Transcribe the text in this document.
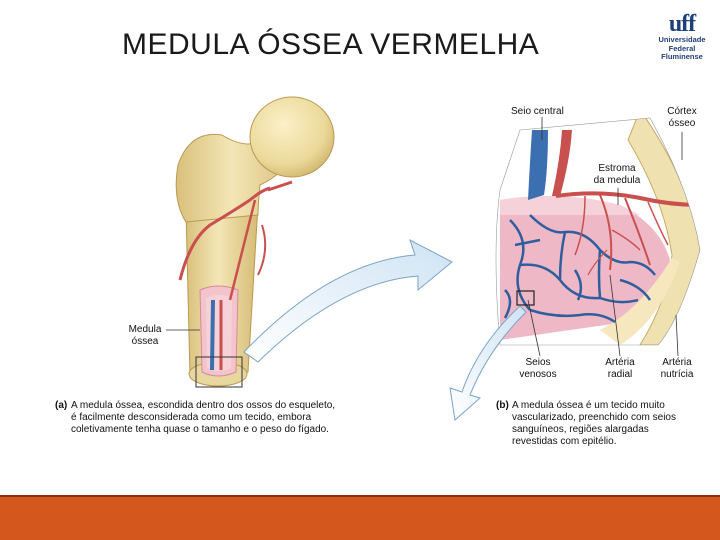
MEDULA ÓSSEA VERMELHA
uff
Universidade
Federal
Fluminense
Seio central	Córtex
ósseo
Estroma
da medula
Seios
venosos
Artéria
radial
Artéria
nutrícia
Medula
óssea
(a) A medula óssea, escondida dentro dos ossos do esqueleto,
é facilmente desconsiderada como um tecido, embora
coletivamente tenha quase o tamanho e o peso do fígado.
(b) A medula óssea é um tecido muito
vascularizado, preenchido com seios
sanguíneos, regiões alargadas
revestidas com epitélio.
